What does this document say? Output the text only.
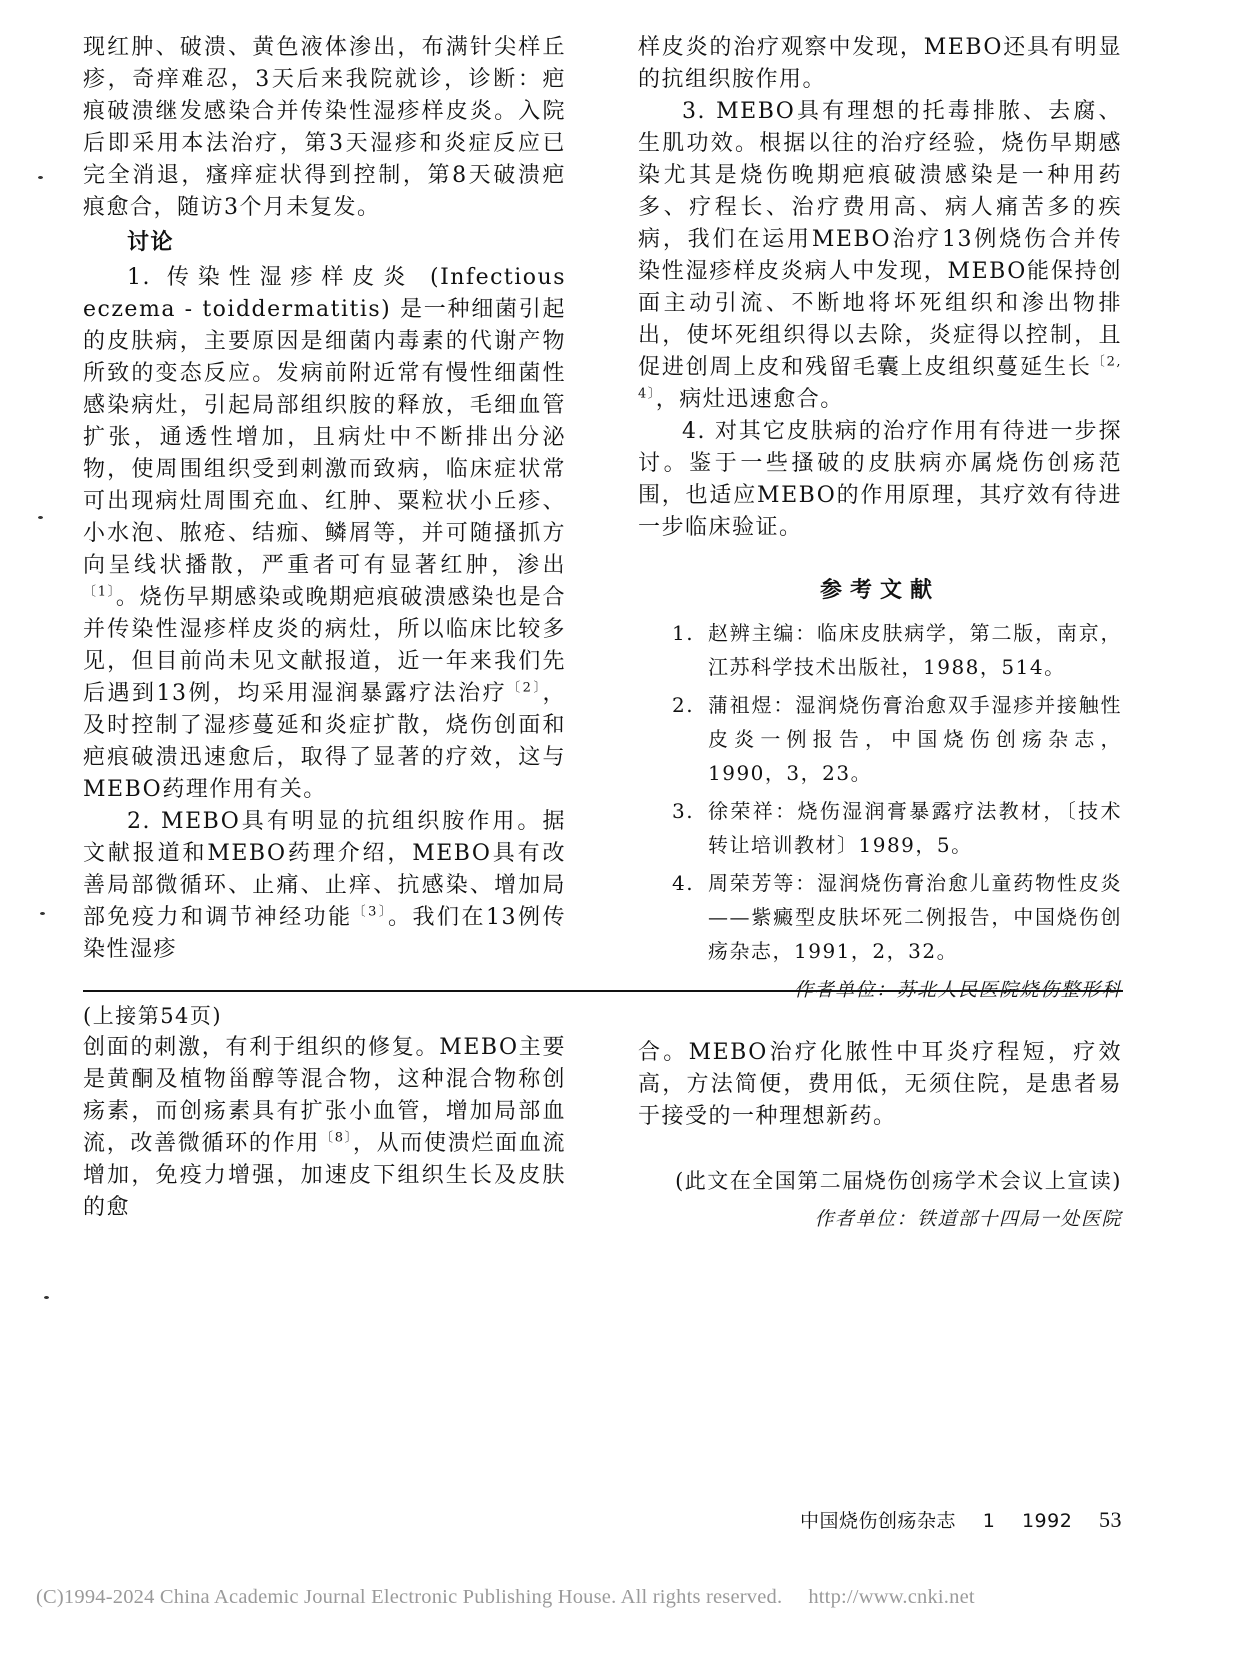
现红肿、破溃、黄色液体渗出，布满针尖样丘疹，奇痒难忍，3天后来我院就诊，诊断：疤痕破溃继发感染合并传染性湿疹样皮炎。入院后即采用本法治疗，第3天湿疹和炎症反应已完全消退，瘙痒症状得到控制，第8天破溃疤痕愈合，随访3个月未复发。

讨论

1. 传染性湿疹样皮炎 (Infectious eczema - toiddermatitis) 是一种细菌引起的皮肤病，主要原因是细菌内毒素的代谢产物所致的变态反应。发病前附近常有慢性细菌性感染病灶，引起局部组织胺的释放，毛细血管扩张，通透性增加，且病灶中不断排出分泌物，使周围组织受到刺激而致病，临床症状常可出现病灶周围充血、红肿、粟粒状小丘疹、小水泡、脓疮、结痂、鳞屑等，并可随搔抓方向呈线状播散，严重者可有显著红肿，渗出$^{〔1〕}$。烧伤早期感染或晚期疤痕破溃感染也是合并传染性湿疹样皮炎的病灶，所以临床比较多见，但目前尚未见文献报道，近一年来我们先后遇到13例，均采用湿润暴露疗法治疗$^{〔2〕}$，及时控制了湿疹蔓延和炎症扩散，烧伤创面和疤痕破溃迅速愈后，取得了显著的疗效，这与MEBO药理作用有关。

2. MEBO具有明显的抗组织胺作用。据文献报道和MEBO药理介绍，MEBO具有改善局部微循环、止痛、止痒、抗感染、增加局部免疫力和调节神经功能$^{〔3〕}$。我们在13例传染性湿疹

样皮炎的治疗观察中发现，MEBO还具有明显的抗组织胺作用。

3. MEBO具有理想的托毒排脓、去腐、生肌功效。根据以往的治疗经验，烧伤早期感染尤其是烧伤晚期疤痕破溃感染是一种用药多、疗程长、治疗费用高、病人痛苦多的疾病，我们在运用MEBO治疗13例烧伤合并传染性湿疹样皮炎病人中发现，MEBO能保持创面主动引流、不断地将坏死组织和渗出物排出，使坏死组织得以去除，炎症得以控制，且促进创周上皮和残留毛囊上皮组织蔓延生长$^{〔2, 4〕}$，病灶迅速愈合。

4. 对其它皮肤病的治疗作用有待进一步探讨。鉴于一些搔破的皮肤病亦属烧伤创疡范围，也适应MEBO的作用原理，其疗效有待进一步临床验证。

参考文献

1. 赵辨主编：临床皮肤病学，第二版，南京，江苏科学技术出版社，1988，514。

2. 蒲祖煜：湿润烧伤膏治愈双手湿疹并接触性皮炎一例报告，中国烧伤创疡杂志，1990，3，23。

3. 徐荣祥：烧伤湿润膏暴露疗法教材，〔技术转让培训教材〕1989，5。

4. 周荣芳等：湿润烧伤膏治愈儿童药物性皮炎——紫癜型皮肤坏死二例报告，中国烧伤创疡杂志，1991，2，32。

作者单位：苏北人民医院烧伤整形科

(上接第54页)

创面的刺激，有利于组织的修复。MEBO主要是黄酮及植物甾醇等混合物，这种混合物称创疡素，而创疡素具有扩张小血管，增加局部血流，改善微循环的作用$^{〔8〕}$，从而使溃烂面血流增加，免疫力增强，加速皮下组织生长及皮肤的愈

合。MEBO治疗化脓性中耳炎疗程短，疗效高，方法简便，费用低，无须住院，是患者易于接受的一种理想新药。

(此文在全国第二届烧伤创疡学术会议上宣读)

作者单位：铁道部十四局一处医院

中国烧伤创疡杂志 1 1992 53
(C)1994-2024 China Academic Journal Electronic Publishing House. All rights reserved. http://www.cnki.net
